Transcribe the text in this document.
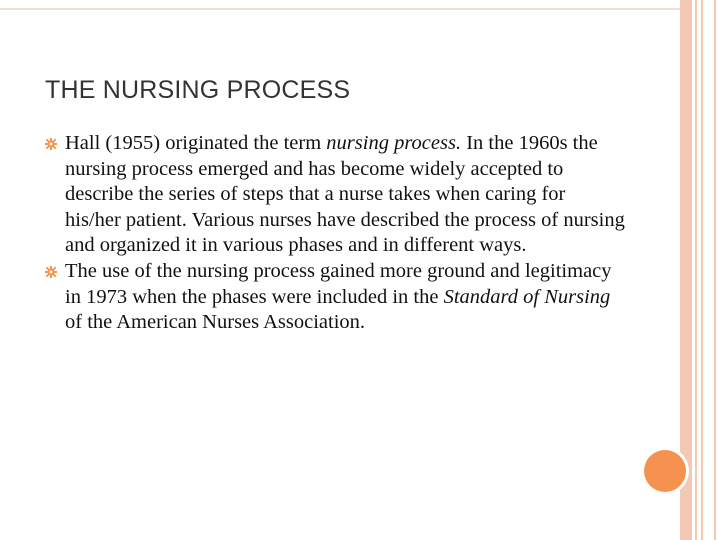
THE NURSING PROCESS
Hall (1955) originated the term nursing process. In the 1960s the nursing process emerged and has become widely accepted to describe the series of steps that a nurse takes when caring for his/her patient. Various nurses have described the process of nursing and organized it in various phases and in different ways.
The use of the nursing process gained more ground and legitimacy in 1973 when the phases were included in the Standard of Nursing of the American Nurses Association.
